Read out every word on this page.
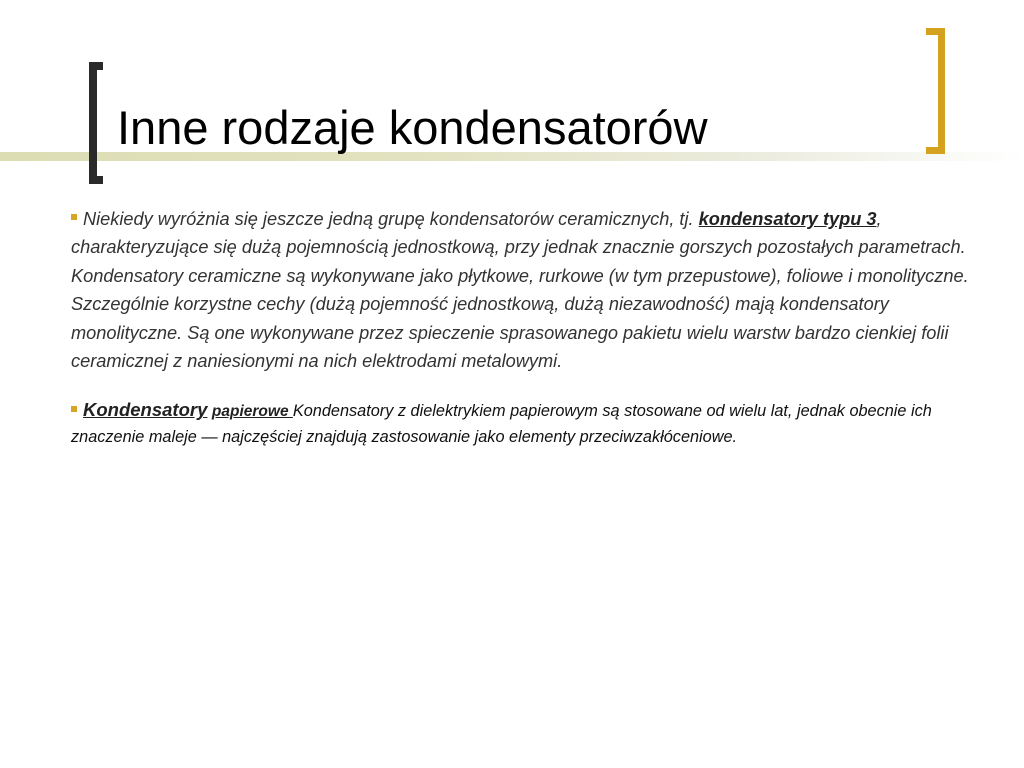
Inne rodzaje kondensatorów

Niekiedy wyróżnia się jeszcze jedną grupę kondensatorów ceramicznych, tj. kondensatory typu 3, charakteryzujące się dużą pojemnością jednostkową, przy jednak znacznie gorszych pozostałych parametrach. Kondensatory ceramiczne są wykonywane jako płytkowe, rurkowe (w tym przepustowe), foliowe i monolityczne. Szczególnie korzystne cechy (dużą pojemność jednostkową, dużą niezawodność) mają kondensatory monolityczne. Są one wykonywane przez spieczenie sprasowanego pakietu wielu warstw bardzo cienkiej folii ceramicznej z naniesionymi na nich elektrodami metalowymi.

Kondensatory papierowe Kondensatory z dielektrykiem papierowym są stosowane od wielu lat, jednak obecnie ich znaczenie maleje — najczęściej znajdują zastosowanie jako elementy przeciwzakłóceniowe.
